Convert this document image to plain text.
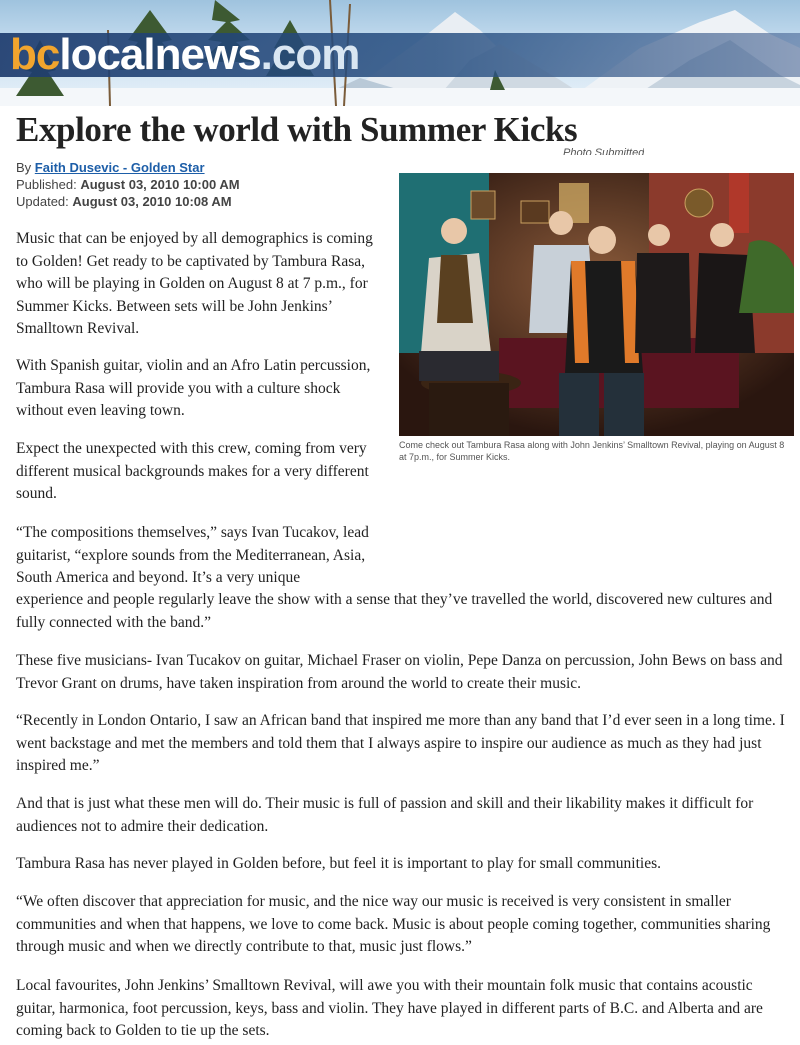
bclocalnews.com
Explore the world with Summer Kicks
Photo Submitted
By Faith Dusevic - Golden Star
Published: August 03, 2010 10:00 AM
Updated: August 03, 2010 10:08 AM
Come check out Tambura Rasa along with John Jenkins’ Smalltown Revival, playing on August 8 at 7p.m., for Summer Kicks.

Music that can be enjoyed by all demographics is coming to Golden! Get ready to be captivated by Tambura Rasa, who will be playing in Golden on August 8 at 7 p.m., for Summer Kicks. Between sets will be John Jenkins’ Smalltown Revival.

With Spanish guitar, violin and an Afro Latin percussion, Tambura Rasa will provide you with a culture shock without even leaving town.

Expect the unexpected with this crew, coming from very different musical backgrounds makes for a very different sound.

“The compositions themselves,” says Ivan Tucakov, lead guitarist, “explore sounds from the Mediterranean, Asia, South America and beyond. It’s a very unique

experience and people regularly leave the show with a sense that they’ve travelled the world, discovered new cultures and fully connected with the band.”

These five musicians- Ivan Tucakov on guitar, Michael Fraser on violin, Pepe Danza on percussion, John Bews on bass and Trevor Grant on drums, have taken inspiration from around the world to create their music.

“Recently in London Ontario, I saw an African band that inspired me more than any band that I’d ever seen in a long time. I went backstage and met the members and told them that I always aspire to inspire our audience as much as they had just inspired me.”

And that is just what these men will do. Their music is full of passion and skill and their likability makes it difficult for audiences not to admire their dedication.

Tambura Rasa has never played in Golden before, but feel it is important to play for small communities.

“We often discover that appreciation for music, and the nice way our music is received is very consistent in smaller communities and when that happens, we love to come back. Music is about people coming together, communities sharing through music and when we directly contribute to that, music just flows.”

Local favourites, John Jenkins’ Smalltown Revival, will awe you with their mountain folk music that contains acoustic guitar, harmonica, foot percussion, keys, bass and violin. They have played in different parts of B.C. and Alberta and are coming back to Golden to tie up the sets.
